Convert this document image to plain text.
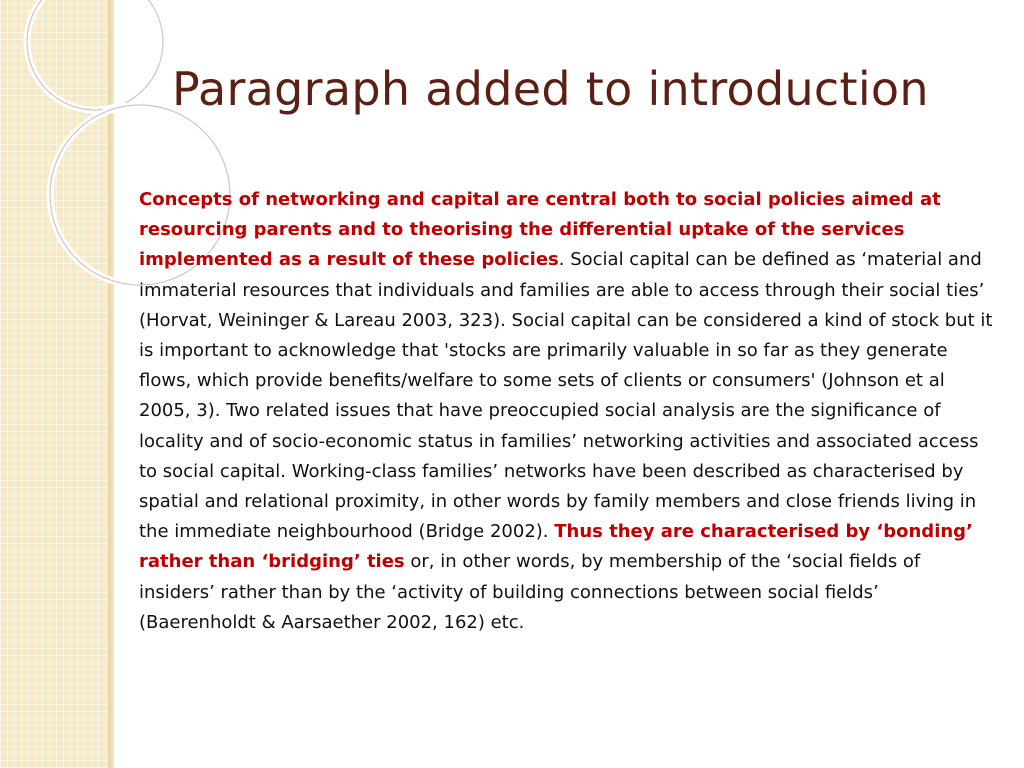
Paragraph added to introduction

Concepts of networking and capital are central both to social policies aimed at resourcing parents and to theorising the differential uptake of the services implemented as a result of these policies. Social capital can be defined as ‘material and immaterial resources that individuals and families are able to access through their social ties’ (Horvat, Weininger & Lareau 2003, 323). Social capital can be considered a kind of stock but it is important to acknowledge that 'stocks are primarily valuable in so far as they generate flows, which provide benefits/welfare to some sets of clients or consumers' (Johnson et al 2005, 3). Two related issues that have preoccupied social analysis are the significance of locality and of socio-economic status in families’ networking activities and associated access to social capital. Working-class families’ networks have been described as characterised by spatial and relational proximity, in other words by family members and close friends living in the immediate neighbourhood (Bridge 2002). Thus they are characterised by ‘bonding’ rather than ‘bridging’ ties or, in other words, by membership of the ‘social fields of insiders’ rather than by the ‘activity of building connections between social fields’ (Baerenholdt & Aarsaether 2002, 162) etc.
